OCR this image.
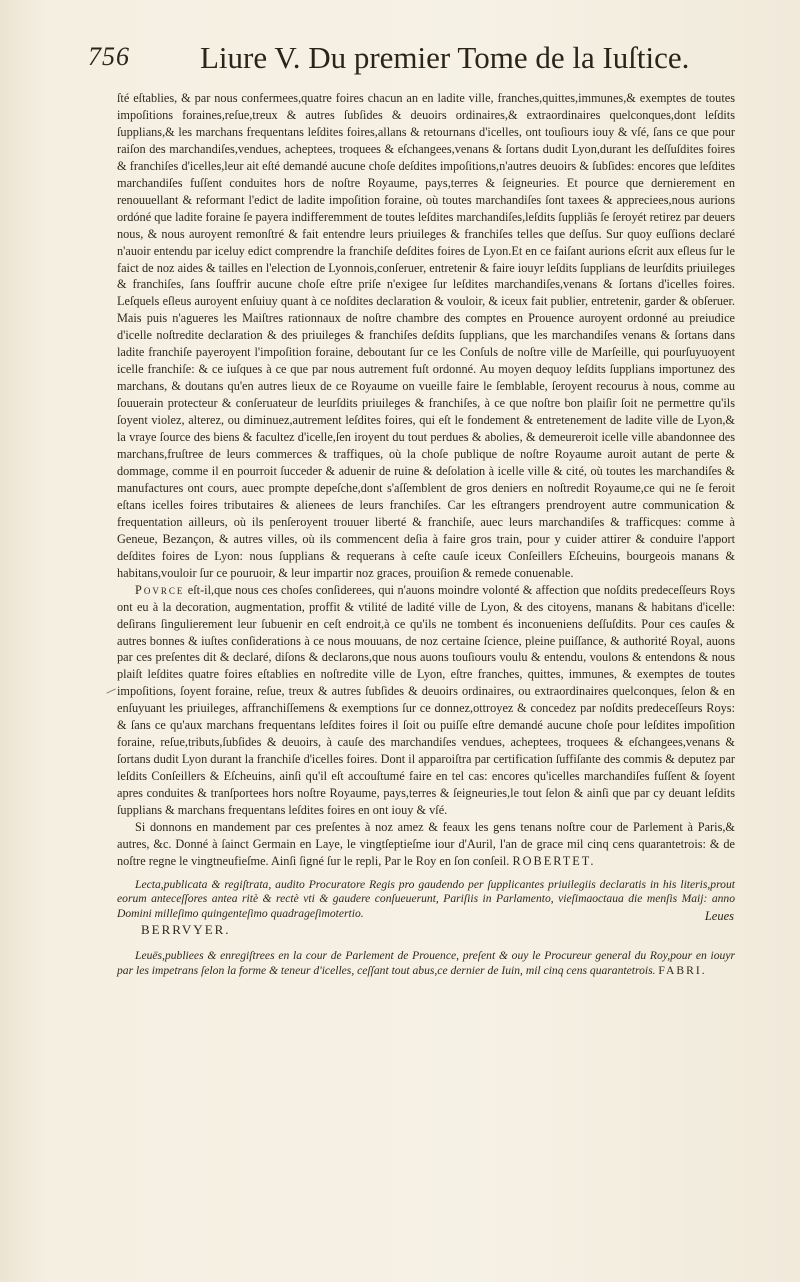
756 Liure V. Du premier Tome de la Iuſtice.

ſté eſtablies, & par nous confermees,quatre foires chacun an en ladite ville, franches,quittes,immunes,& exemptes de toutes impoſitions foraines,reſue,treux & autres ſubſides & deuoirs ordinaires,& extraordinaires quelconques,dont leſdits ſupplians,& les marchans frequentans leſdites foires,allans & retournans d'icelles, ont touſiours iouy & vſé, ſans ce que pour raiſon des marchandiſes,vendues, acheptees, troquees & eſchangees,venans & ſortans dudit Lyon,durant les deſſuſdites foires & franchiſes d'icelles,leur ait eſté demandé aucune choſe deſdites impoſitions,n'autres deuoirs & ſubſides: encores que leſdites marchandiſes fuſſent conduites hors de noſtre Royaume, pays,terres & ſeigneuries. Et pource que dernierement en renouuellant & reformant l'edict de ladite impoſition foraine, où toutes marchandiſes ſont taxees & appreciees,nous aurions ordóné que ladite foraine ſe payera indifferemment de toutes leſdites marchandiſes,leſdits ſuppliãs ſe ſeroyét retirez par deuers nous, & nous auroyent remonſtré & fait entendre leurs priuileges & franchiſes telles que deſſus. Sur quoy euſſions declaré n'auoir entendu par iceluy edict comprendre la franchiſe deſdites foires de Lyon.Et en ce faiſant aurions eſcrit aux eſleus ſur le faict de noz aides & tailles en l'election de Lyonnois,conſeruer, entretenir & faire iouyr leſdits ſupplians de leurſdits priuileges & franchiſes, ſans ſouffrir aucune choſe eſtre priſe n'exigee ſur leſdites marchandiſes,venans & ſortans d'icelles foires. Leſquels eſleus auroyent enſuiuy quant à ce noſdites declaration & vouloir, & iceux fait publier, entretenir, garder & obſeruer. Mais puis n'agueres les Maiſtres rationnaux de noſtre chambre des comptes en Prouence auroyent ordonné au preiudice d'icelle noſtredite declaration & des priuileges & franchiſes deſdits ſupplians, que les marchandiſes venans & ſortans dans ladite franchiſe payeroyent l'impoſition foraine, deboutant ſur ce les Conſuls de noſtre ville de Marſeille, qui pourſuyuoyent icelle franchiſe: & ce iuſques à ce que par nous autrement fuſt ordonné. Au moyen dequoy leſdits ſupplians importunez des marchans, & doutans qu'en autres lieux de ce Royaume on vueille faire le ſemblable, ſeroyent recourus à nous, comme au ſouuerain protecteur & conſeruateur de leurſdits priuileges & franchiſes, à ce que noſtre bon plaiſir ſoit ne permettre qu'ils ſoyent violez, alterez, ou diminuez,autrement leſdites foires, qui eſt le fondement & entretenement de ladite ville de Lyon,& la vraye ſource des biens & facultez d'icelle,ſen iroyent du tout perdues & abolies, & demeureroit icelle ville abandonnee des marchans,fruſtree de leurs commerces & traffiques, où la choſe publique de noſtre Royaume auroit autant de perte & dommage, comme il en pourroit ſucceder & aduenir de ruine & deſolation à icelle ville & cité, où toutes les marchandiſes & manufactures ont cours, auec prompte depeſche,dont s'aſſemblent de gros deniers en noſtredit Royaume,ce qui ne ſe feroit eſtans icelles foires tributaires & alienees de leurs franchiſes. Car les eſtrangers prendroyent autre communication & frequentation ailleurs, où ils penſeroyent trouuer liberté & franchiſe, auec leurs marchandiſes & trafficques: comme à Geneue, Bezançon, & autres villes, où ils commencent deſia à faire gros train, pour y cuider attirer & conduire l'apport deſdites foires de Lyon: nous ſupplians & requerans à ceſte cauſe iceux Conſeillers Eſcheuins, bourgeois manans & habitans,vouloir ſur ce pouruoir, & leur impartir noz graces, prouiſion & remede conuenable.

Povrce eſt-il,que nous ces choſes conſiderees, qui n'auons moindre volonté & affection que noſdits predeceſſeurs Roys ont eu à la decoration, augmentation, proffit & vtilité de ladité ville de Lyon, & des citoyens, manans & habitans d'icelle: deſirans ſingulierement leur ſubuenir en ceſt endroit,à ce qu'ils ne tombent és inconueniens deſſuſdits. Pour ces cauſes & autres bonnes & iuſtes conſiderations à ce nous mouuans, de noz certaine ſcience, pleine puiſſance, & authorité Royal, auons par ces preſentes dit & declaré, diſons & declarons,que nous auons touſiours voulu & entendu, voulons & entendons & nous plaiſt leſdites quatre foires eſtablies en noſtredite ville de Lyon, eſtre franches, quittes, immunes, & exemptes de toutes impoſitions, ſoyent foraine, reſue, treux & autres ſubſides & deuoirs ordinaires, ou extraordinaires quelconques, ſelon & en enſuyuant les priuileges, affranchiſſemens & exemptions ſur ce donnez,ottroyez & concedez par noſdits predeceſſeurs Roys: & ſans ce qu'aux marchans frequentans leſdites foires il ſoit ou puiſſe eſtre demandé aucune choſe pour leſdites impoſition foraine, reſue,tributs,ſubſides & deuoirs, à cauſe des marchandiſes vendues, acheptees, troquees & eſchangees,venans & ſortans dudit Lyon durant la franchiſe d'icelles foires. Dont il apparoiſtra par certification ſuffiſante des commis & deputez par leſdits Conſeillers & Eſcheuins, ainſi qu'il eſt accouſtumé faire en tel cas: encores qu'icelles marchandiſes fuſſent & ſoyent apres conduites & tranſportees hors noſtre Royaume, pays,terres & ſeigneuries,le tout ſelon & ainſi que par cy deuant leſdits ſupplians & marchans frequentans leſdites foires en ont iouy & vſé.

Si donnons en mandement par ces preſentes à noz amez & feaux les gens tenans noſtre cour de Parlement à Paris,& autres, &c. Donné à ſainct Germain en Laye, le vingtſeptieſme iour d'Auril, l'an de grace mil cinq cens quarantetrois: & de noſtre regne le vingtneufieſme. Ainſi ſigné ſur le repli, Par le Roy en ſon conſeil. ROBERTET.

Lecta,publicata & regiſtrata, audito Procuratore Regis pro gaudendo per ſupplicantes priuilegiis declaratis in his literis,prout eorum anteceſſores antea ritè & rectè vti & gaudere conſueuerunt, Pariſiis in Parlamento, vieſimaoctaua die menſis Maij: anno Domini milleſimo quingenteſimo quadrageſimotertio.
BERRVYER.

Leuës,publiees & enregiſtrees en la cour de Parlement de Prouence, preſent & ouy le Procureur general du Roy,pour en iouyr par les impetrans ſelon la forme & teneur d'icelles, ceſſant tout abus,ce dernier de Iuin, mil cinq cens quarantetrois. FABRI.

Leues
